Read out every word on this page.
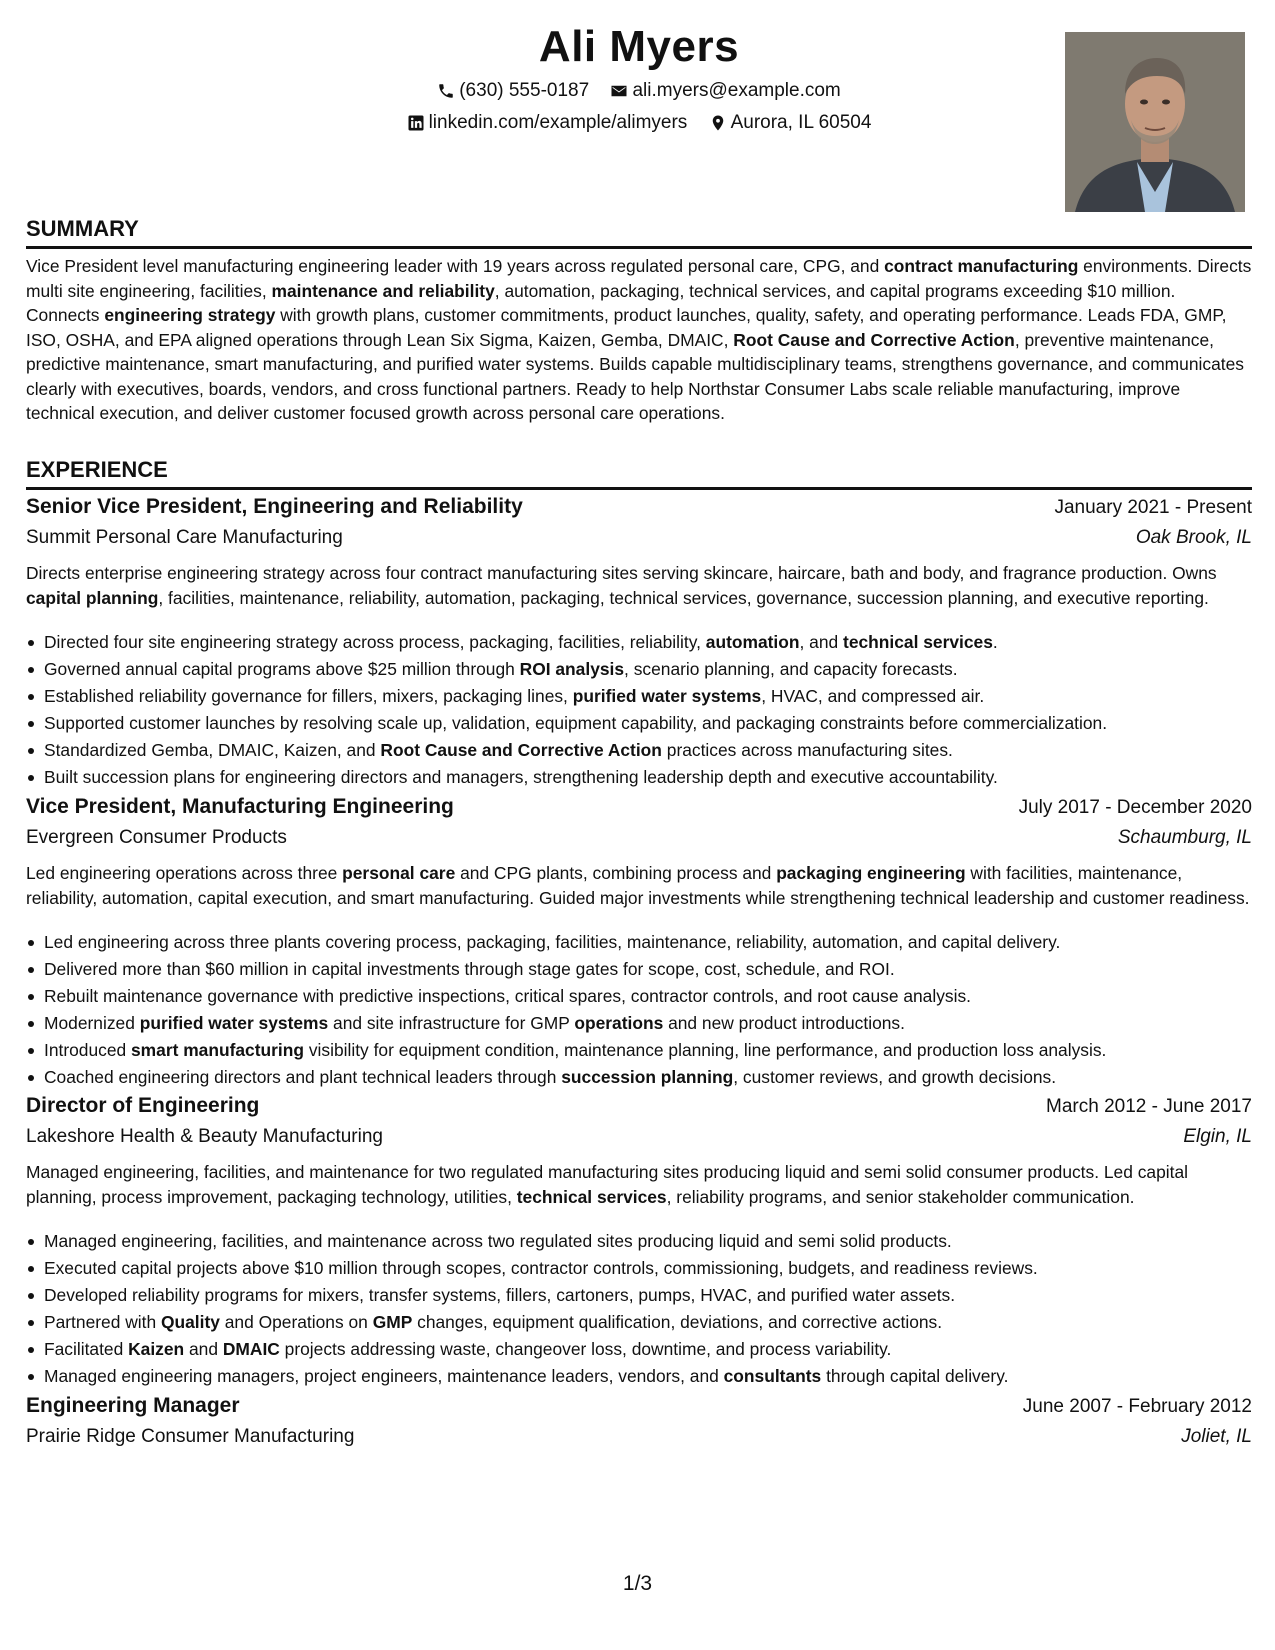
Ali Myers
(630) 555-0187
ali.myers@example.com
linkedin.com/example/alimyers
Aurora, IL 60504
SUMMARY

Vice President level manufacturing engineering leader with 19 years across regulated personal care, CPG, and contract manufacturing environments. Directs multi site engineering, facilities, maintenance and reliability, automation, packaging, technical services, and capital programs exceeding $10 million. Connects engineering strategy with growth plans, customer commitments, product launches, quality, safety, and operating performance. Leads FDA, GMP, ISO, OSHA, and EPA aligned operations through Lean Six Sigma, Kaizen, Gemba, DMAIC, Root Cause and Corrective Action, preventive maintenance, predictive maintenance, smart manufacturing, and purified water systems. Builds capable multidisciplinary teams, strengthens governance, and communicates clearly with executives, boards, vendors, and cross functional partners. Ready to help Northstar Consumer Labs scale reliable manufacturing, improve technical execution, and deliver customer focused growth across personal care operations.

EXPERIENCE
Senior Vice President, Engineering and Reliability	January 2021 - Present
Summit Personal Care Manufacturing	Oak Brook, IL

Directs enterprise engineering strategy across four contract manufacturing sites serving skincare, haircare, bath and body, and fragrance production. Owns capital planning, facilities, maintenance, reliability, automation, packaging, technical services, governance, succession planning, and executive reporting.

Directed four site engineering strategy across process, packaging, facilities, reliability, automation, and technical services.
Governed annual capital programs above $25 million through ROI analysis, scenario planning, and capacity forecasts.
Established reliability governance for fillers, mixers, packaging lines, purified water systems, HVAC, and compressed air.
Supported customer launches by resolving scale up, validation, equipment capability, and packaging constraints before commercialization.
Standardized Gemba, DMAIC, Kaizen, and Root Cause and Corrective Action practices across manufacturing sites.
Built succession plans for engineering directors and managers, strengthening leadership depth and executive accountability.
Vice President, Manufacturing Engineering	July 2017 - December 2020
Evergreen Consumer Products	Schaumburg, IL

Led engineering operations across three personal care and CPG plants, combining process and packaging engineering with facilities, maintenance, reliability, automation, capital execution, and smart manufacturing. Guided major investments while strengthening technical leadership and customer readiness.

Led engineering across three plants covering process, packaging, facilities, maintenance, reliability, automation, and capital delivery.
Delivered more than $60 million in capital investments through stage gates for scope, cost, schedule, and ROI.
Rebuilt maintenance governance with predictive inspections, critical spares, contractor controls, and root cause analysis.
Modernized purified water systems and site infrastructure for GMP operations and new product introductions.
Introduced smart manufacturing visibility for equipment condition, maintenance planning, line performance, and production loss analysis.
Coached engineering directors and plant technical leaders through succession planning, customer reviews, and growth decisions.
Director of Engineering	March 2012 - June 2017
Lakeshore Health & Beauty Manufacturing	Elgin, IL

Managed engineering, facilities, and maintenance for two regulated manufacturing sites producing liquid and semi solid consumer products. Led capital planning, process improvement, packaging technology, utilities, technical services, reliability programs, and senior stakeholder communication.

Managed engineering, facilities, and maintenance across two regulated sites producing liquid and semi solid products.
Executed capital projects above $10 million through scopes, contractor controls, commissioning, budgets, and readiness reviews.
Developed reliability programs for mixers, transfer systems, fillers, cartoners, pumps, HVAC, and purified water assets.
Partnered with Quality and Operations on GMP changes, equipment qualification, deviations, and corrective actions.
Facilitated Kaizen and DMAIC projects addressing waste, changeover loss, downtime, and process variability.
Managed engineering managers, project engineers, maintenance leaders, vendors, and consultants through capital delivery.
Engineering Manager	June 2007 - February 2012
Prairie Ridge Consumer Manufacturing	Joliet, IL
1/3
